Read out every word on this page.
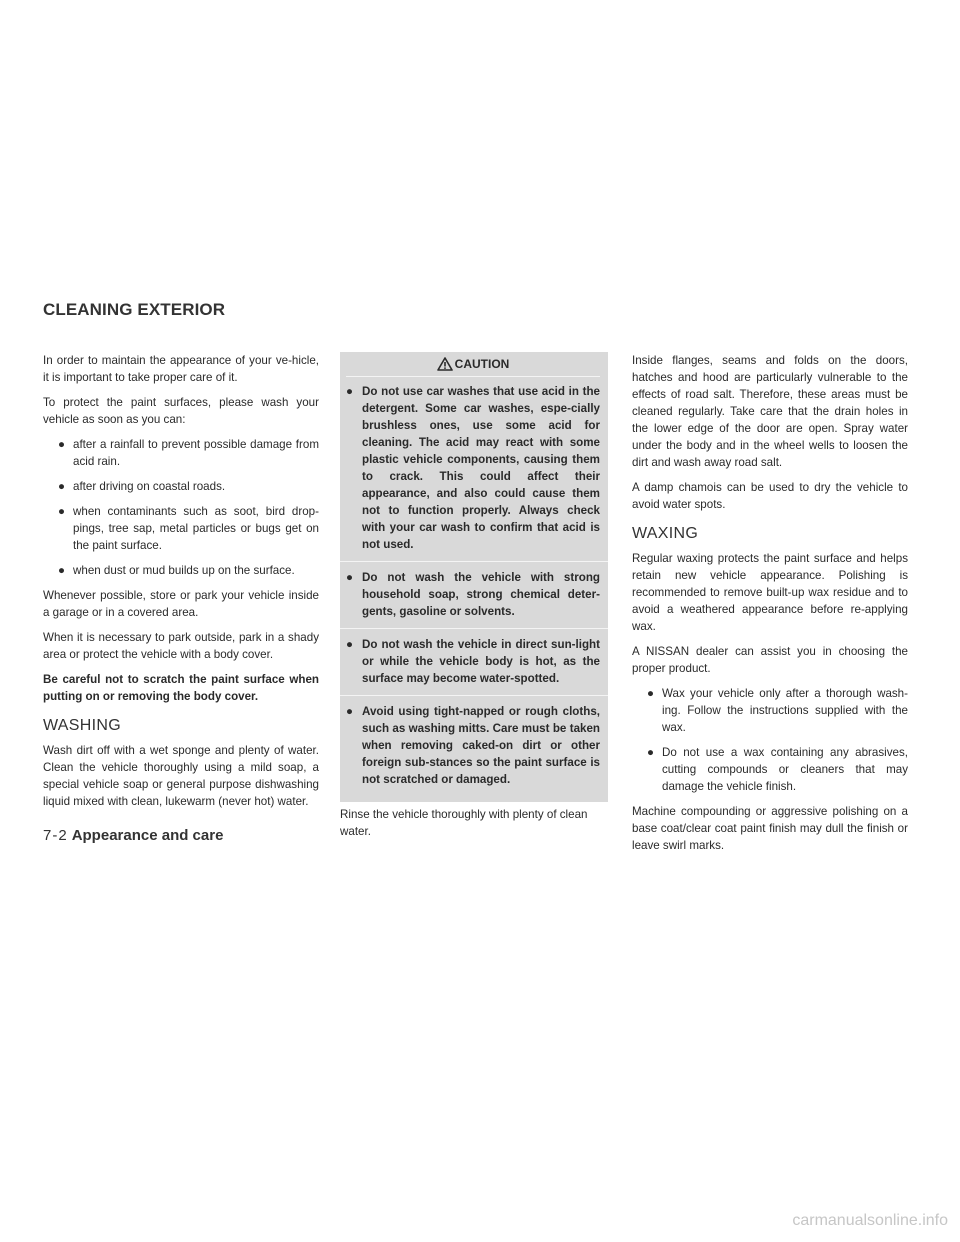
CLEANING EXTERIOR

In order to maintain the appearance of your ve-hicle, it is important to take proper care of it.

To protect the paint surfaces, please wash your vehicle as soon as you can:

● after a rainfall to prevent possible damage from acid rain.
● after driving on coastal roads.
● when contaminants such as soot, bird drop-pings, tree sap, metal particles or bugs get on the paint surface.
● when dust or mud builds up on the surface.

Whenever possible, store or park your vehicle inside a garage or in a covered area.

When it is necessary to park outside, park in a shady area or protect the vehicle with a body cover.

Be careful not to scratch the paint surface when putting on or removing the body cover.

WASHING

Wash dirt off with a wet sponge and plenty of water. Clean the vehicle thoroughly using a mild soap, a special vehicle soap or general purpose dishwashing liquid mixed with clean, lukewarm (never hot) water.

CAUTION
● Do not use car washes that use acid in the detergent. Some car washes, espe-cially brushless ones, use some acid for cleaning. The acid may react with some plastic vehicle components, causing them to crack. This could affect their appearance, and also could cause them not to function properly. Always check with your car wash to confirm that acid is not used.
● Do not wash the vehicle with strong household soap, strong chemical deter-gents, gasoline or solvents.
● Do not wash the vehicle in direct sun-light or while the vehicle body is hot, as the surface may become water-spotted.
● Avoid using tight-napped or rough cloths, such as washing mitts. Care must be taken when removing caked-on dirt or other foreign sub-stances so the paint surface is not scratched or damaged.

Rinse the vehicle thoroughly with plenty of clean water.

Inside flanges, seams and folds on the doors, hatches and hood are particularly vulnerable to the effects of road salt. Therefore, these areas must be cleaned regularly. Take care that the drain holes in the lower edge of the door are open. Spray water under the body and in the wheel wells to loosen the dirt and wash away road salt.

A damp chamois can be used to dry the vehicle to avoid water spots.

WAXING

Regular waxing protects the paint surface and helps retain new vehicle appearance. Polishing is recommended to remove built-up wax residue and to avoid a weathered appearance before re-applying wax.

A NISSAN dealer can assist you in choosing the proper product.

● Wax your vehicle only after a thorough wash-ing. Follow the instructions supplied with the wax.
● Do not use a wax containing any abrasives, cutting compounds or cleaners that may damage the vehicle finish.

Machine compounding or aggressive polishing on a base coat/clear coat paint finish may dull the finish or leave swirl marks.

7-2 Appearance and care
carmanualsonline.info
